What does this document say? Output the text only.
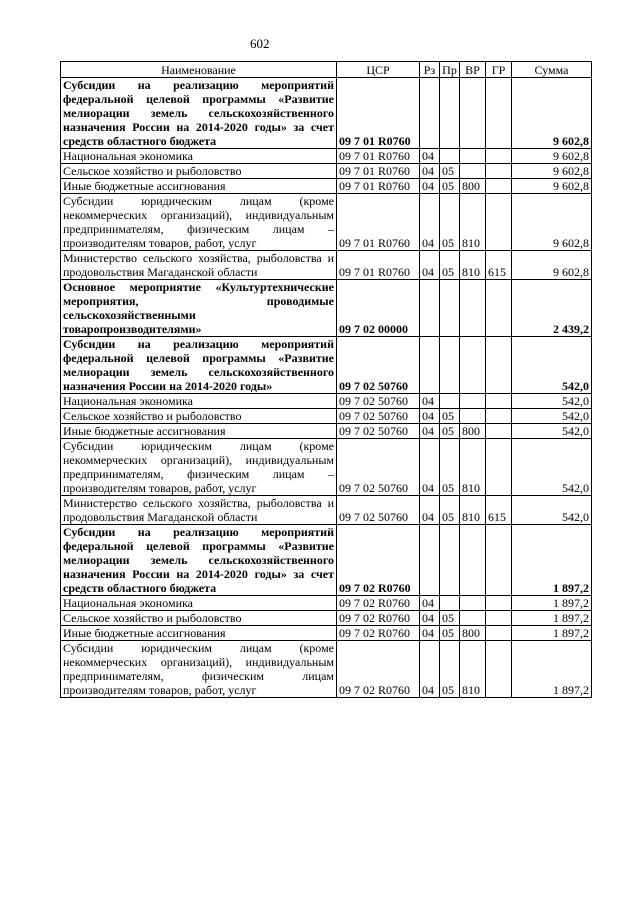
602
Наименование	ЦСР	Рз	Пр	ВР	ГР	Сумма
Субсидии на реализацию мероприятий федеральной целевой программы «Развитие мелиорации земель сельскохозяйственного назначения России на 2014-2020 годы» за счет средств областного бюджета	09 7 01 R0760					9 602,8
Национальная экономика	09 7 01 R0760	04				9 602,8
Сельское хозяйство и рыболовство	09 7 01 R0760	04	05			9 602,8
Иные бюджетные ассигнования	09 7 01 R0760	04	05	800		9 602,8
Субсидии юридическим лицам (кроме некоммерческих организаций), индивидуальным предпринимателям, физическим лицам – производителям товаров, работ, услуг	09 7 01 R0760	04	05	810		9 602,8
Министерство сельского хозяйства, рыболовства и продовольствия Магаданской области	09 7 01 R0760	04	05	810	615	9 602,8
Основное мероприятие «Культуртехнические мероприятия, проводимые сельскохозяйственными товаропроизводителями»	09 7 02 00000					2 439,2
Субсидии на реализацию мероприятий федеральной целевой программы «Развитие мелиорации земель сельскохозяйственного назначения России на 2014-2020 годы»	09 7 02 50760					542,0
Национальная экономика	09 7 02 50760	04				542,0
Сельское хозяйство и рыболовство	09 7 02 50760	04	05			542,0
Иные бюджетные ассигнования	09 7 02 50760	04	05	800		542,0
Субсидии юридическим лицам (кроме некоммерческих организаций), индивидуальным предпринимателям, физическим лицам – производителям товаров, работ, услуг	09 7 02 50760	04	05	810		542,0
Министерство сельского хозяйства, рыболовства и продовольствия Магаданской области	09 7 02 50760	04	05	810	615	542,0
Субсидии на реализацию мероприятий федеральной целевой программы «Развитие мелиорации земель сельскохозяйственного назначения России на 2014-2020 годы» за счет средств областного бюджета	09 7 02 R0760					1 897,2
Национальная экономика	09 7 02 R0760	04				1 897,2
Сельское хозяйство и рыболовство	09 7 02 R0760	04	05			1 897,2
Иные бюджетные ассигнования	09 7 02 R0760	04	05	800		1 897,2
Субсидии юридическим лицам (кроме некоммерческих организаций), индивидуальным предпринимателям, физическим лицам производителям товаров, работ, услуг	09 7 02 R0760	04	05	810		1 897,2
